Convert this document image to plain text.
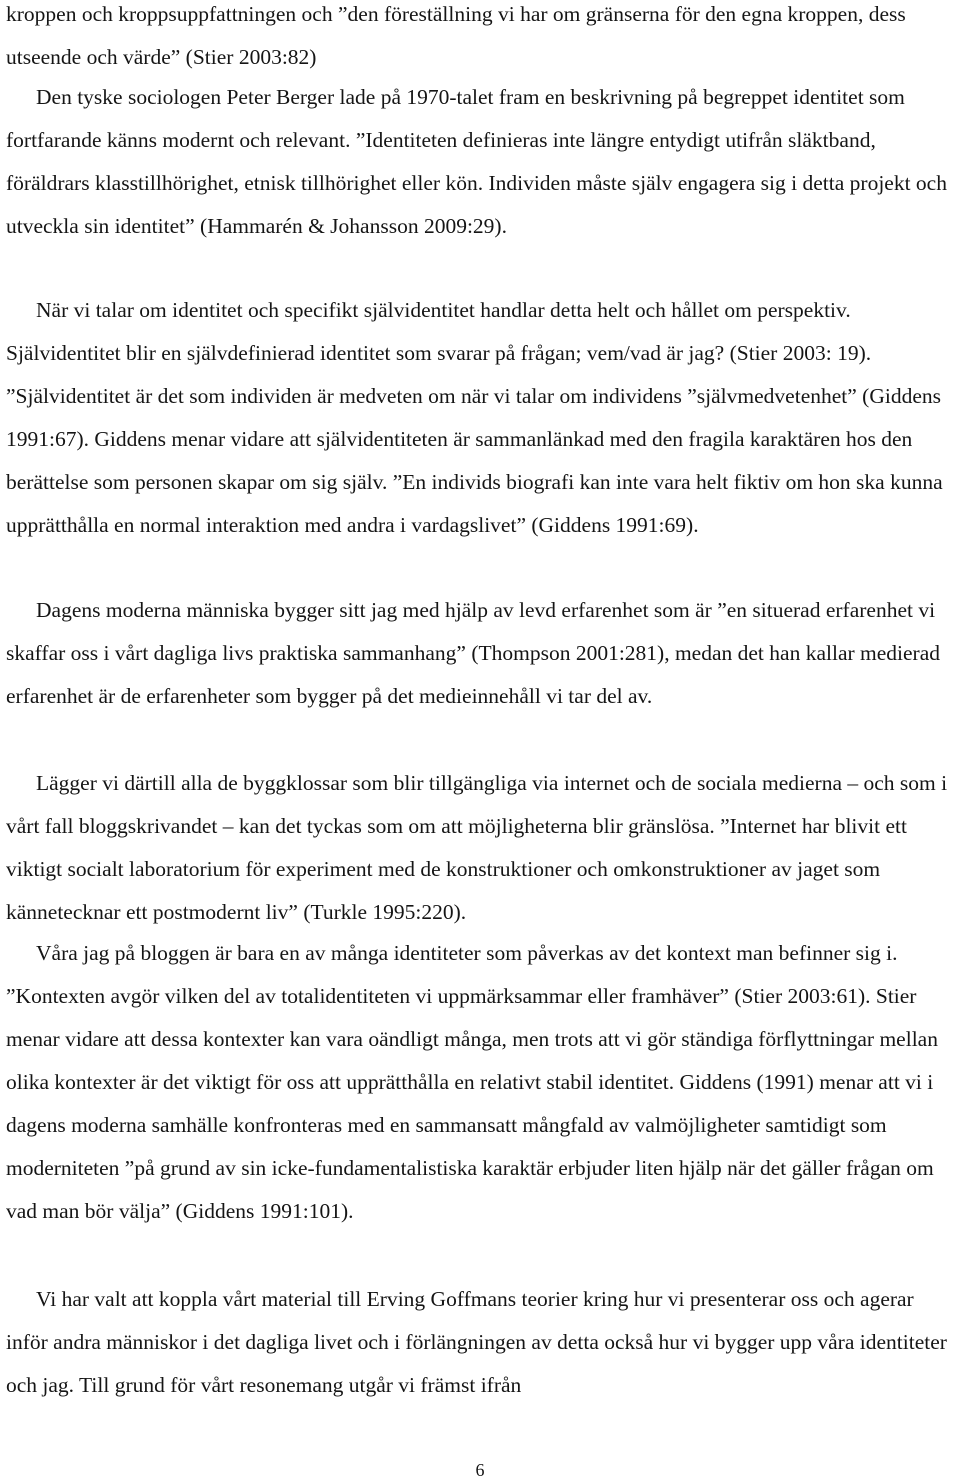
kroppen och kroppsuppfattningen och ”den föreställning vi har om gränserna för den egna kroppen, dess utseende och värde” (Stier 2003:82)

Den tyske sociologen Peter Berger lade på 1970-talet fram en beskrivning på begreppet identitet som fortfarande känns modernt och relevant. ”Identiteten definieras inte längre entydigt utifrån släktband, föräldrars klasstillhörighet, etnisk tillhörighet eller kön. Individen måste själv engagera sig i detta projekt och utveckla sin identitet” (Hammarén & Johansson 2009:29).

När vi talar om identitet och specifikt självidentitet handlar detta helt och hållet om perspektiv. Självidentitet blir en självdefinierad identitet som svarar på frågan; vem/vad är jag? (Stier 2003: 19). ”Självidentitet är det som individen är medveten om när vi talar om individens ”självmedvetenhet” (Giddens 1991:67). Giddens menar vidare att självidentiteten är sammanlänkad med den fragila karaktären hos den berättelse som personen skapar om sig själv. ”En individs biografi kan inte vara helt fiktiv om hon ska kunna upprätthålla en normal interaktion med andra i vardagslivet” (Giddens 1991:69).

Dagens moderna människa bygger sitt jag med hjälp av levd erfarenhet som är ”en situerad erfarenhet vi skaffar oss i vårt dagliga livs praktiska sammanhang” (Thompson 2001:281), medan det han kallar medierad erfarenhet är de erfarenheter som bygger på det medieinnehåll vi tar del av.

Lägger vi därtill alla de byggklossar som blir tillgängliga via internet och de sociala medierna – och som i vårt fall bloggskrivandet – kan det tyckas som om att möjligheterna blir gränslösa. ”Internet har blivit ett viktigt socialt laboratorium för experiment med de konstruktioner och omkonstruktioner av jaget som kännetecknar ett postmodernt liv” (Turkle 1995:220).

Våra jag på bloggen är bara en av många identiteter som påverkas av det kontext man befinner sig i. ”Kontexten avgör vilken del av totalidentiteten vi uppmärksammar eller framhäver” (Stier 2003:61). Stier menar vidare att dessa kontexter kan vara oändligt många, men trots att vi gör ständiga förflyttningar mellan olika kontexter är det viktigt för oss att upprätthålla en relativt stabil identitet. Giddens (1991) menar att vi i dagens moderna samhälle konfronteras med en sammansatt mångfald av valmöjligheter samtidigt som moderniteten ”på grund av sin icke-fundamentalistiska karaktär erbjuder liten hjälp när det gäller frågan om vad man bör välja” (Giddens 1991:101).

Vi har valt att koppla vårt material till Erving Goffmans teorier kring hur vi presenterar oss och agerar inför andra människor i det dagliga livet och i förlängningen av detta också hur vi bygger upp våra identiteter och jag. Till grund för vårt resonemang utgår vi främst ifrån

6
